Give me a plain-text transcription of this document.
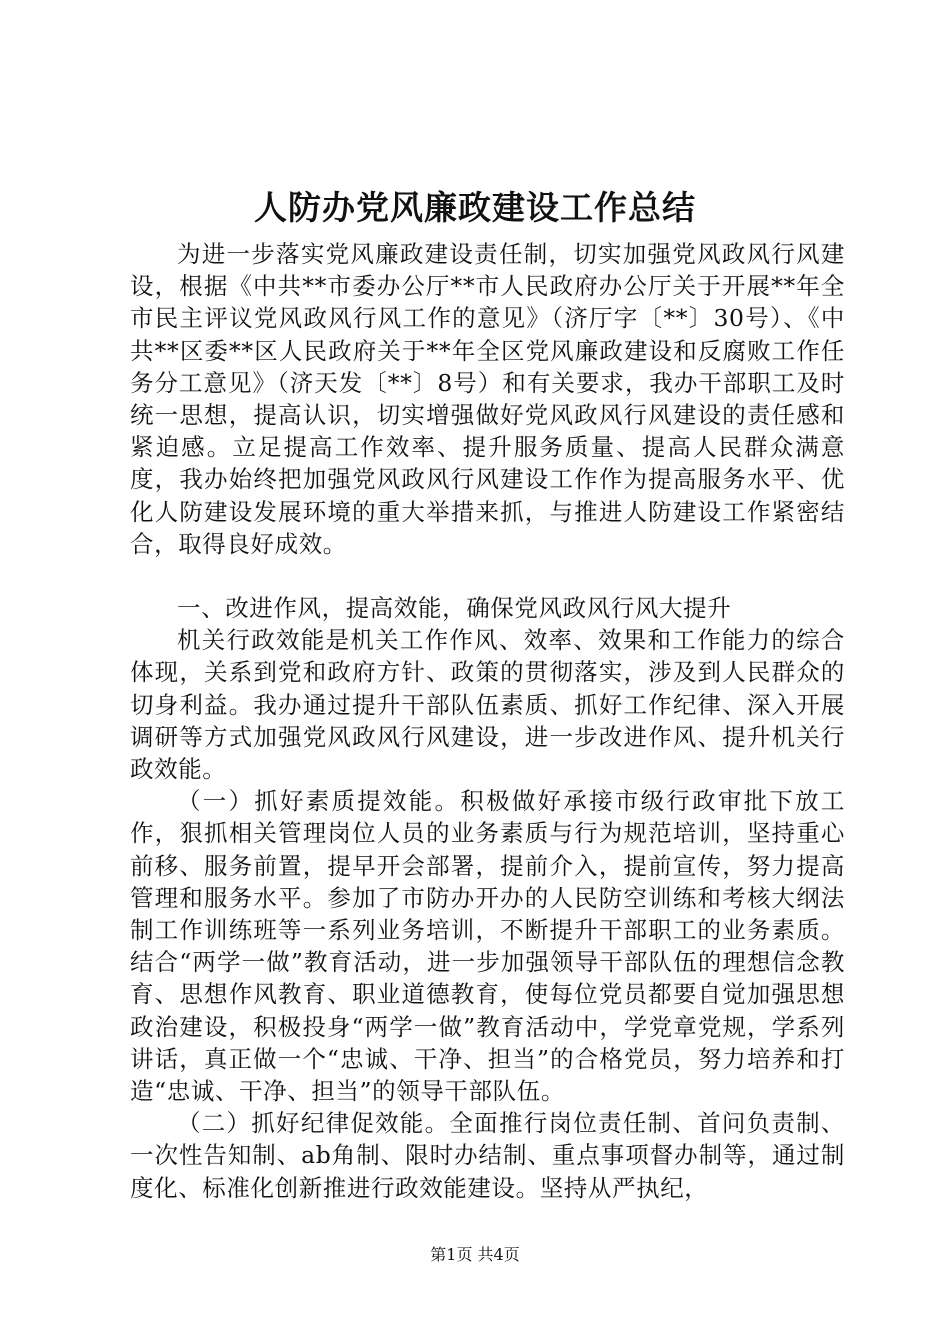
人防办党风廉政建设工作总结

为进一步落实党风廉政建设责任制，切实加强党风政风行风建设，根据《中共**市委办公厅**市人民政府办公厅关于开展**年全市民主评议党风政风行风工作的意见》（济厅字〔**〕30号）、《中共**区委**区人民政府关于**年全区党风廉政建设和反腐败工作任务分工意见》（济天发〔**〕8号）和有关要求，我办干部职工及时统一思想，提高认识，切实增强做好党风政风行风建设的责任感和紧迫感。立足提高工作效率、提升服务质量、提高人民群众满意度，我办始终把加强党风政风行风建设工作作为提高服务水平、优化人防建设发展环境的重大举措来抓，与推进人防建设工作紧密结合，取得良好成效。

一、改进作风，提高效能，确保党风政风行风大提升

机关行政效能是机关工作作风、效率、效果和工作能力的综合体现，关系到党和政府方针、政策的贯彻落实，涉及到人民群众的切身利益。我办通过提升干部队伍素质、抓好工作纪律、深入开展调研等方式加强党风政风行风建设，进一步改进作风、提升机关行政效能。

（一）抓好素质提效能。积极做好承接市级行政审批下放工作，狠抓相关管理岗位人员的业务素质与行为规范培训，坚持重心前移、服务前置，提早开会部署，提前介入，提前宣传，努力提高管理和服务水平。参加了市防办开办的人民防空训练和考核大纲法制工作训练班等一系列业务培训，不断提升干部职工的业务素质。结合“两学一做”教育活动，进一步加强领导干部队伍的理想信念教育、思想作风教育、职业道德教育，使每位党员都要自觉加强思想政治建设，积极投身“两学一做”教育活动中，学党章党规，学系列讲话，真正做一个“忠诚、干净、担当”的合格党员，努力培养和打造“忠诚、干净、担当”的领导干部队伍。

（二）抓好纪律促效能。全面推行岗位责任制、首问负责制、一次性告知制、ab角制、限时办结制、重点事项督办制等，通过制度化、标准化创新推进行政效能建设。坚持从严执纪，

第1页 共4页
